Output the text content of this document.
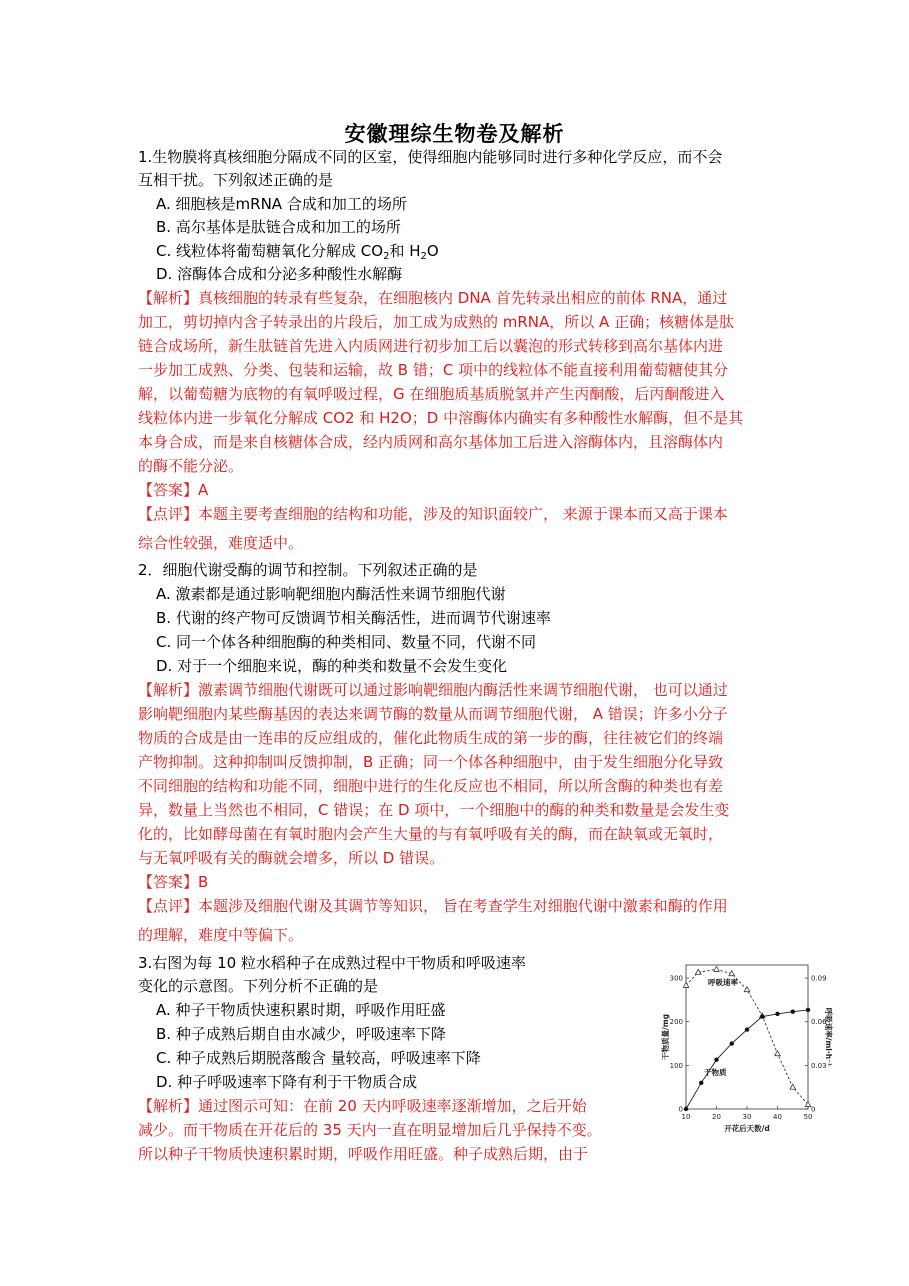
安徽理综生物卷及解析
1.生物膜将真核细胞分隔成不同的区室，使得细胞内能够同时进行多种化学反应，而不会
互相干扰。下列叙述正确的是
A. 细胞核是mRNA 合成和加工的场所
B. 高尔基体是肽链合成和加工的场所
C. 线粒体将葡萄糖氧化分解成 $CO_2$和 $H_2O$
D. 溶酶体合成和分泌多种酸性水解酶
【解析】真核细胞的转录有些复杂，在细胞核内 DNA 首先转录出相应的前体 RNA，通过
加工，剪切掉内含子转录出的片段后，加工成为成熟的 mRNA，所以 A 正确；核糖体是肽
链合成场所，新生肽链首先进入内质网进行初步加工后以囊泡的形式转移到高尔基体内进
一步加工成熟、分类、包装和运输，故 B 错；C 项中的线粒体不能直接利用葡萄糖使其分
解，以葡萄糖为底物的有氧呼吸过程，G 在细胞质基质脱氢并产生丙酮酸，后丙酮酸进入
线粒体内进一步氧化分解成 CO2 和 H2O；D 中溶酶体内确实有多种酸性水解酶，但不是其
本身合成，而是来自核糖体合成，经内质网和高尔基体加工后进入溶酶体内，且溶酶体内
的酶不能分泌。
【答案】A
【点评】本题主要考查细胞的结构和功能，涉及的知识面较广， 来源于课本而又高于课本
综合性较强，难度适中。
2．细胞代谢受酶的调节和控制。下列叙述正确的是
A. 激素都是通过影响靶细胞内酶活性来调节细胞代谢
B. 代谢的终产物可反馈调节相关酶活性，进而调节代谢速率
C. 同一个体各种细胞酶的种类相同、数量不同，代谢不同
D. 对于一个细胞来说，酶的种类和数量不会发生变化
【解析】激素调节细胞代谢既可以通过影响靶细胞内酶活性来调节细胞代谢， 也可以通过
影响靶细胞内某些酶基因的表达来调节酶的数量从而调节细胞代谢， A 错误；许多小分子
物质的合成是由一连串的反应组成的，催化此物质生成的第一步的酶，往往被它们的终端
产物抑制。这种抑制叫反馈抑制，B 正确；同一个体各种细胞中，由于发生细胞分化导致
不同细胞的结构和功能不同，细胞中进行的生化反应也不相同，所以所含酶的种类也有差
异，数量上当然也不相同，C 错误；在 D 项中，一个细胞中的酶的种类和数量是会发生变
化的，比如酵母菌在有氧时胞内会产生大量的与有氧呼吸有关的酶，而在缺氧或无氧时，
与无氧呼吸有关的酶就会增多，所以 D 错误。
【答案】B
【点评】本题涉及细胞代谢及其调节等知识， 旨在考查学生对细胞代谢中激素和酶的作用
的理解，难度中等偏下。
3.右图为每 10 粒水稻种子在成熟过程中干物质和呼吸速率
变化的示意图。下列分析不正确的是
A. 种子干物质快速积累时期，呼吸作用旺盛
B. 种子成熟后期自由水减少，呼吸速率下降
C. 种子成熟后期脱落酸含 量较高，呼吸速率下降
D. 种子呼吸速率下降有利于干物质合成
【解析】通过图示可知：在前 20 天内呼吸速率逐渐增加，之后开始
减少。而干物质在开花后的 35 天内一直在明显增加后几乎保持不变。
所以种子干物质快速积累时期，呼吸作用旺盛。种子成熟后期，由于
10	20	30	40	50
0
100
200
300
0
0.03
0.06
0.09
开花后天数/d
干物质量/mg	呼吸速率/ml·h⁻¹
呼吸速率
干物质
